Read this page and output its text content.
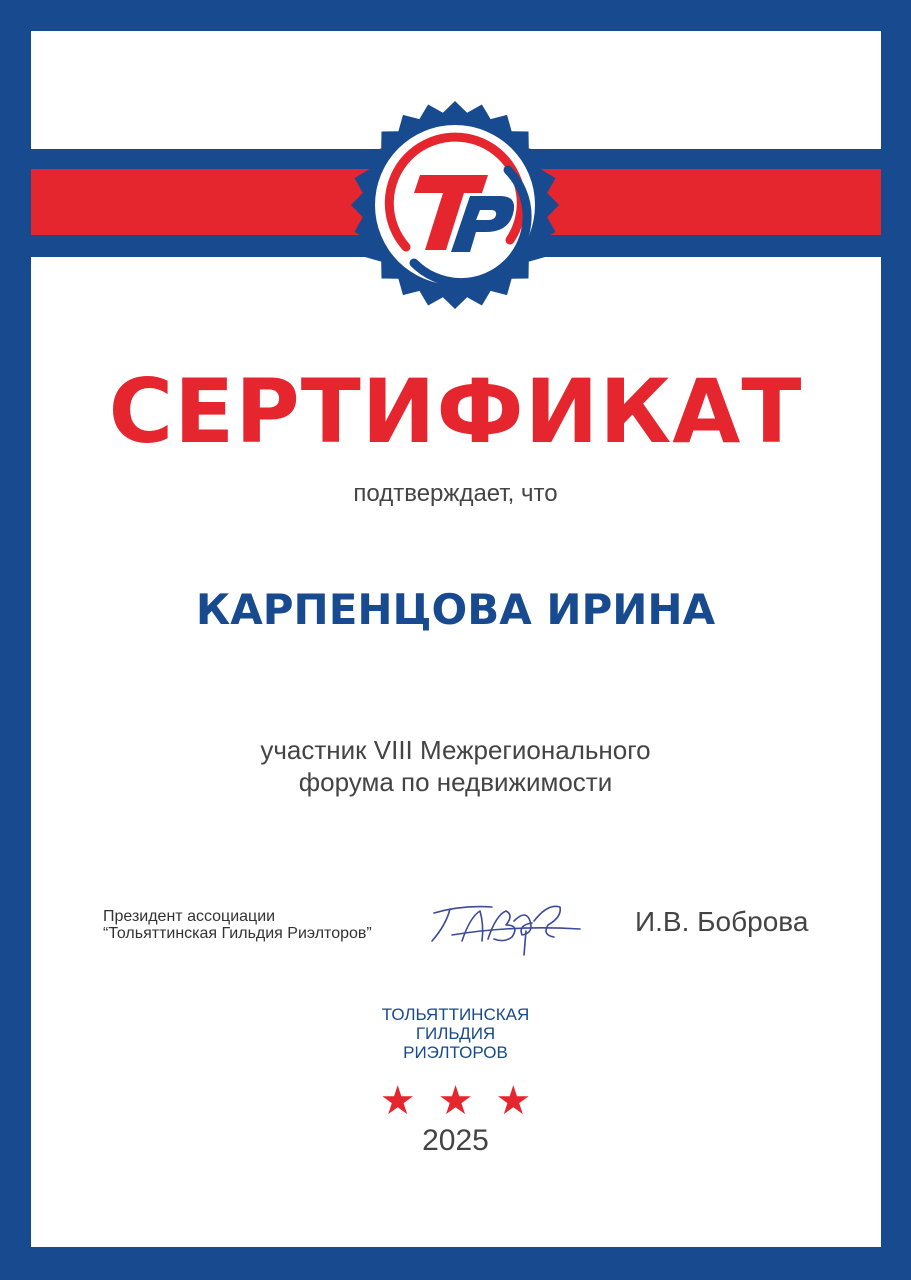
СЕРТИФИКАТ
подтверждает, что
КАРПЕНЦОВА ИРИНА
участник VIII Межрегионального
форума по недвижимости
Президент ассоциации
“Тольяттинская Гильдия Риэлторов”	И.В. Боброва
ТОЛЬЯТТИНСКАЯ
ГИЛЬДИЯ
РИЭЛТОРОВ
★★★
2025
